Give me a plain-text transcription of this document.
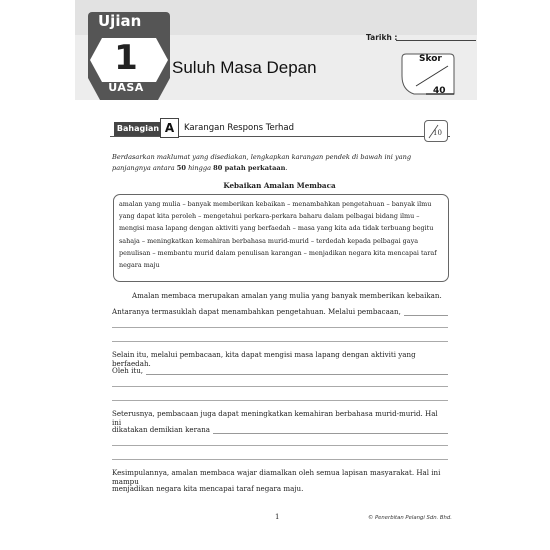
Ujian
1
UASA
Suluh Masa Depan
Tarikh :
Skor
40
Bahagian A	Karangan Respons Terhad	10
Berdasarkan maklumat yang disediakan, lengkapkan karangan pendek di bawah ini yang panjangnya antara 50 hingga 80 patah perkataan.
Kebaikan Amalan Membaca
amalan yang mulia – banyak memberikan kebaikan – menambahkan pengetahuan – banyak ilmu yang dapat kita peroleh – mengetahui perkara-perkara baharu dalam pelbagai bidang ilmu – mengisi masa lapang dengan aktiviti yang berfaedah – masa yang kita ada tidak terbuang begitu sahaja – meningkatkan kemahiran berbahasa murid-murid – terdedah kepada pelbagai gaya penulisan – membantu murid dalam penulisan karangan – menjadikan negara kita mencapai taraf negara maju
Amalan membaca merupakan amalan yang mulia yang banyak memberikan kebaikan.
Antaranya termasuklah dapat menambahkan pengetahuan. Melalui pembacaan,
Selain itu, melalui pembacaan, kita dapat mengisi masa lapang dengan aktiviti yang berfaedah.
Oleh itu,
Seterusnya, pembacaan juga dapat meningkatkan kemahiran berbahasa murid-murid. Hal ini
dikatakan demikian kerana
Kesimpulannya, amalan membaca wajar diamalkan oleh semua lapisan masyarakat. Hal ini mampu
menjadikan negara kita mencapai taraf negara maju.
1	© Penerbitan Pelangi Sdn. Bhd.
